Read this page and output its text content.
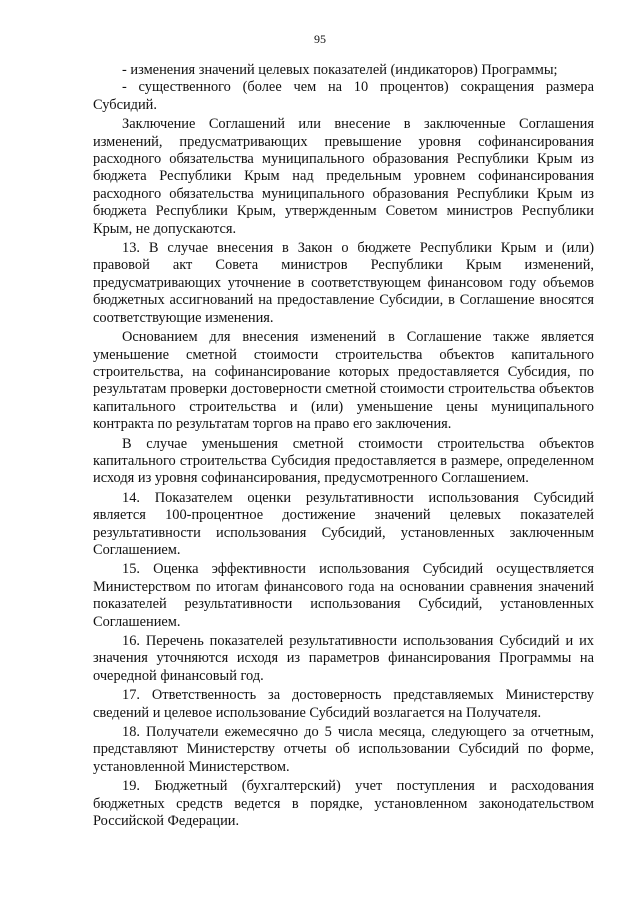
95

- изменения значений целевых показателей (индикаторов) Программы;

- существенного (более чем на 10 процентов) сокращения размера Субсидий.

Заключение Соглашений или внесение в заключенные Соглашения изменений, предусматривающих превышение уровня софинансирования расходного обязательства муниципального образования Республики Крым из бюджета Республики Крым над предельным уровнем софинансирования расходного обязательства муниципального образования Республики Крым из бюджета Республики Крым, утвержденным Советом министров Республики Крым, не допускаются.

13. В случае внесения в Закон о бюджете Республики Крым и (или) правовой акт Совета министров Республики Крым изменений, предусматривающих уточнение в соответствующем финансовом году объемов бюджетных ассигнований на предоставление Субсидии, в Соглашение вносятся соответствующие изменения.

Основанием для внесения изменений в Соглашение также является уменьшение сметной стоимости строительства объектов капитального строительства, на софинансирование которых предоставляется Субсидия, по результатам проверки достоверности сметной стоимости строительства объектов капитального строительства и (или) уменьшение цены муниципального контракта по результатам торгов на право его заключения.

В случае уменьшения сметной стоимости строительства объектов капитального строительства Субсидия предоставляется в размере, определенном исходя из уровня софинансирования, предусмотренного Соглашением.

14. Показателем оценки результативности использования Субсидий является 100-процентное достижение значений целевых показателей результативности использования Субсидий, установленных заключенным Соглашением.

15. Оценка эффективности использования Субсидий осуществляется Министерством по итогам финансового года на основании сравнения значений показателей результативности использования Субсидий, установленных Соглашением.

16. Перечень показателей результативности использования Субсидий и их значения уточняются исходя из параметров финансирования Программы на очередной финансовый год.

17. Ответственность за достоверность представляемых Министерству сведений и целевое использование Субсидий возлагается на Получателя.

18. Получатели ежемесячно до 5 числа месяца, следующего за отчетным, представляют Министерству отчеты об использовании Субсидий по форме, установленной Министерством.

19. Бюджетный (бухгалтерский) учет поступления и расходования бюджетных средств ведется в порядке, установленном законодательством Российской Федерации.
